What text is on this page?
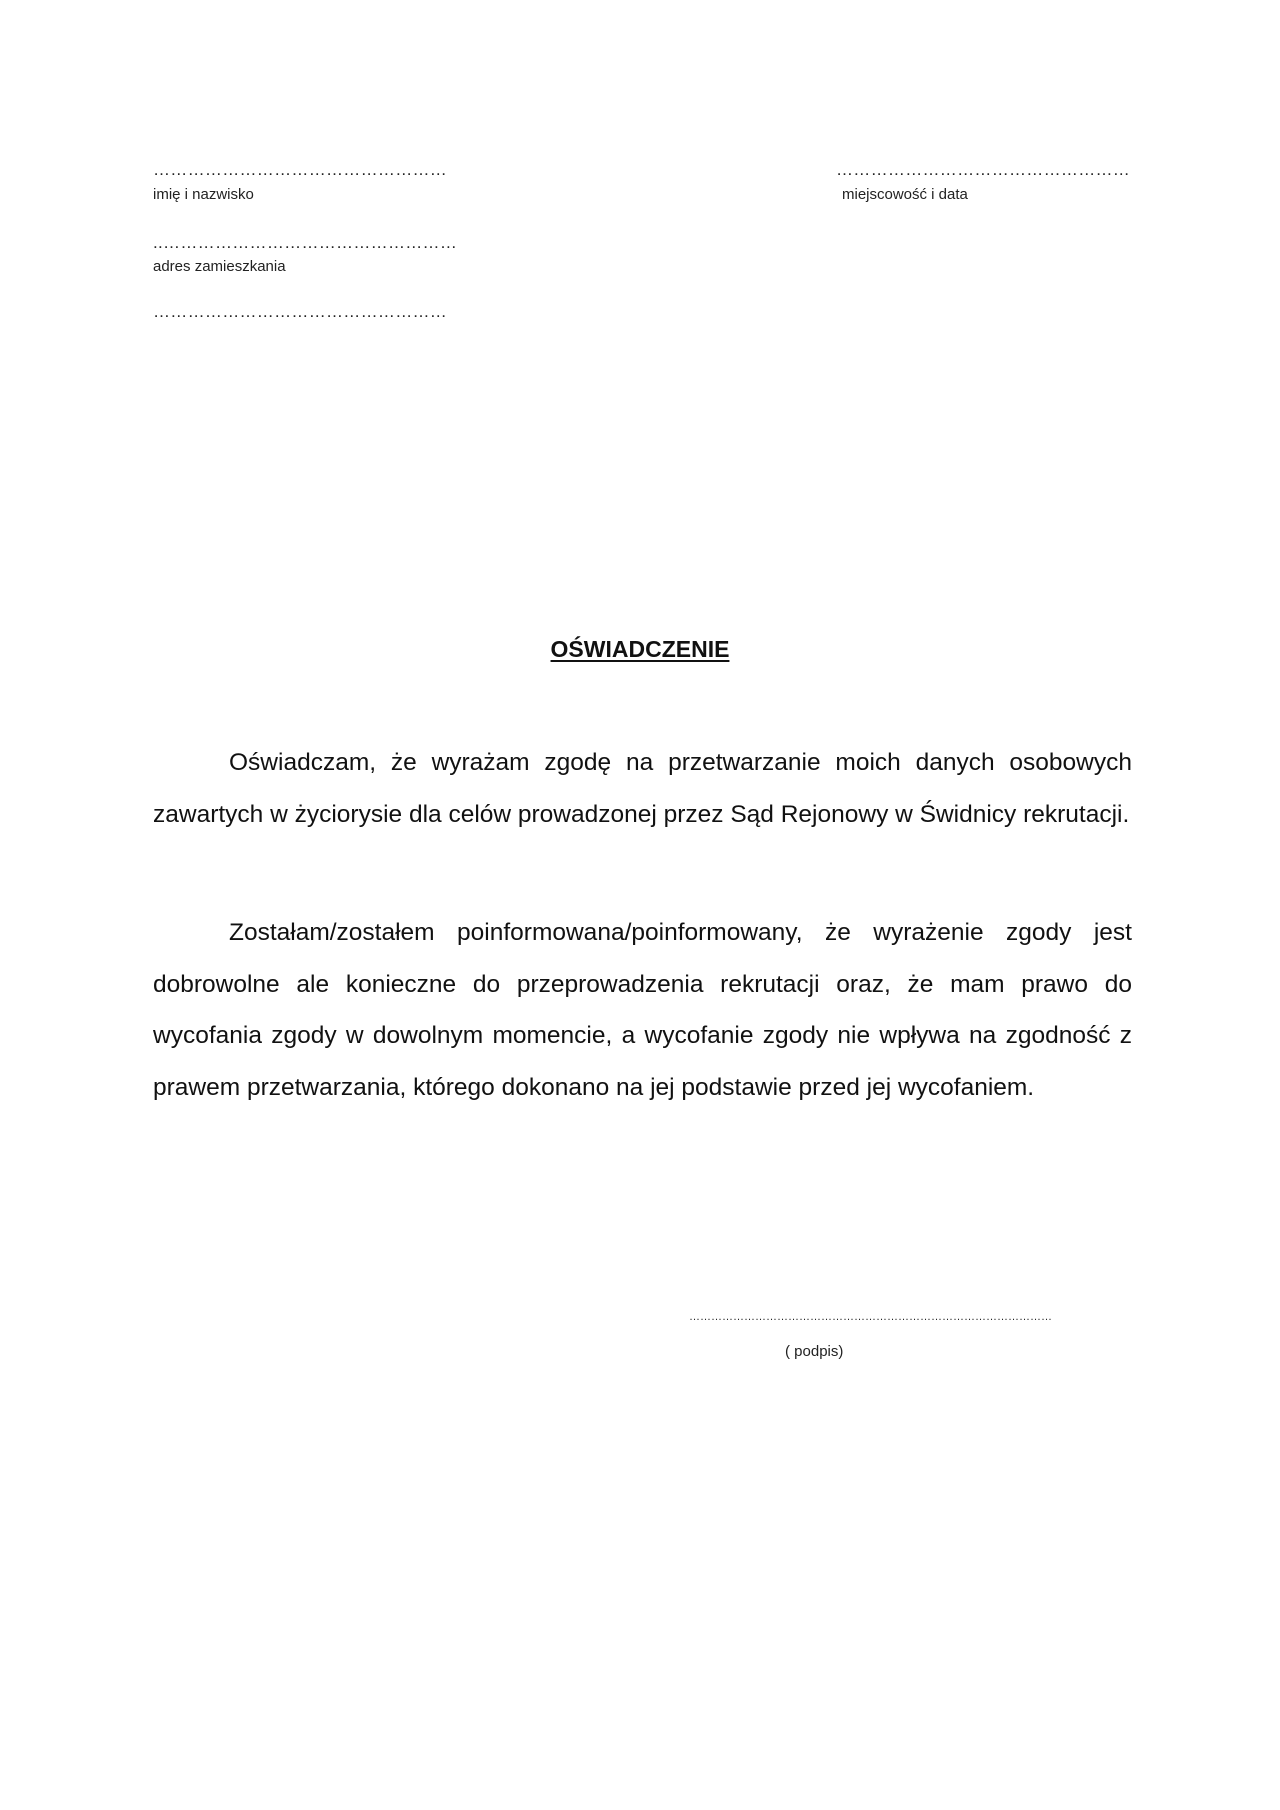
……………………………………………
imię i nazwisko
……………………………………………
miejscowość i data
..……………………………………………
adres zamieszkania
……………………………………………
OŚWIADCZENIE

Oświadczam, że wyrażam zgodę na przetwarzanie moich danych osobowych zawartych w życiorysie dla celów prowadzonej przez Sąd Rejonowy w Świdnicy rekrutacji.

Zostałam/zostałem poinformowana/poinformowany, że wyrażenie zgody jest dobrowolne ale konieczne do przeprowadzenia rekrutacji oraz, że mam prawo do wycofania zgody w dowolnym momencie, a wycofanie zgody nie wpływa na zgodność z prawem przetwarzania, którego dokonano na jej podstawie przed jej wycofaniem.

………………………………………………………………………………………
( podpis)
